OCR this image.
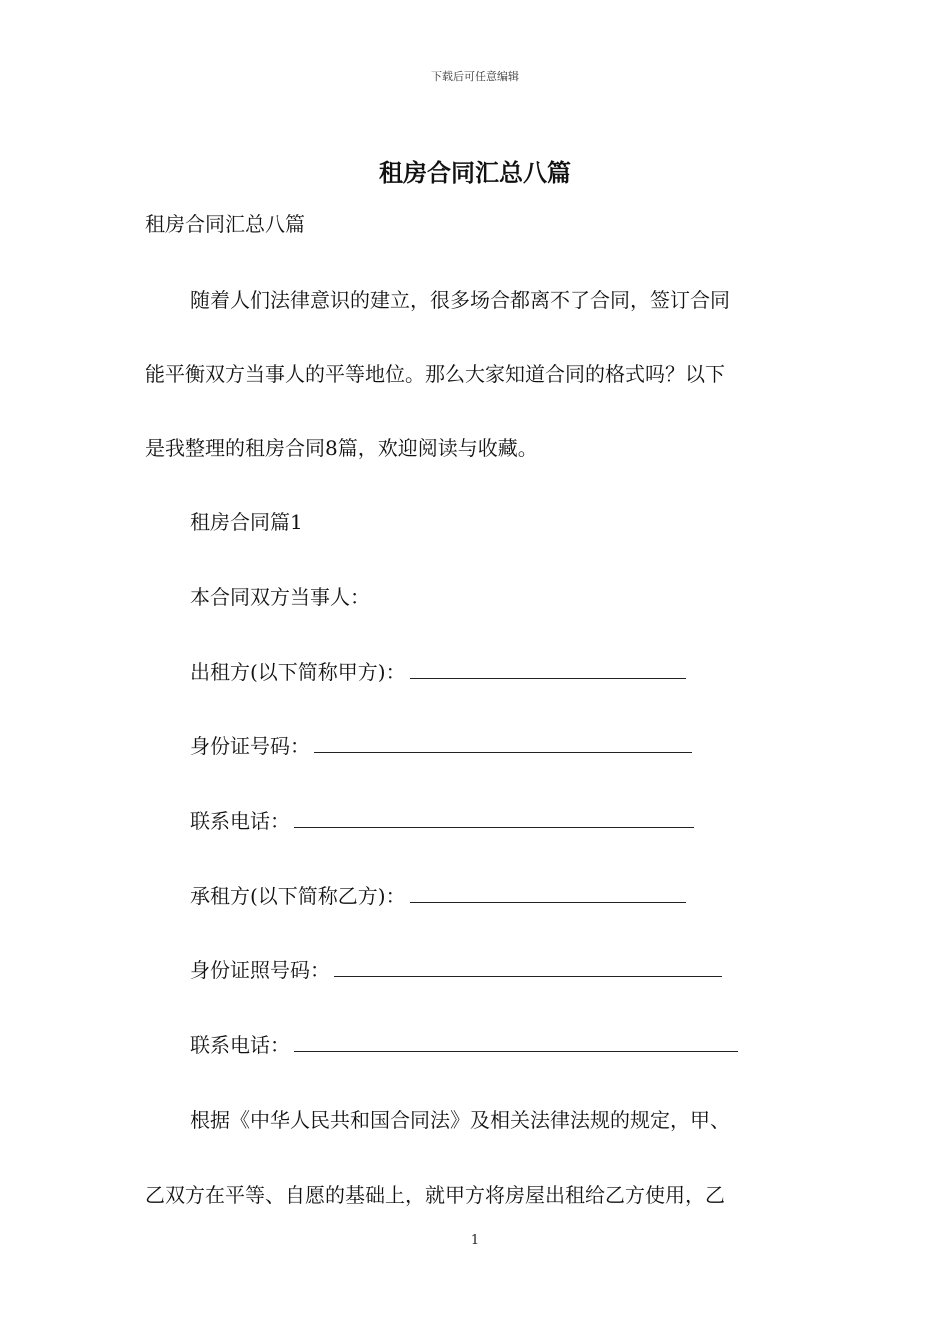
下载后可任意编辑
租房合同汇总八篇
租房合同汇总八篇
随着人们法律意识的建立，很多场合都离不了合同，签订合同
能平衡双方当事人的平等地位。那么大家知道合同的格式吗？以下
是我整理的租房合同8篇，欢迎阅读与收藏。
租房合同篇1
本合同双方当事人：
出租方(以下简称甲方)：
身份证号码：
联系电话：
承租方(以下简称乙方)：
身份证照号码：
联系电话：
根据《中华人民共和国合同法》及相关法律法规的规定，甲、
乙双方在平等、自愿的基础上，就甲方将房屋出租给乙方使用，乙
1
